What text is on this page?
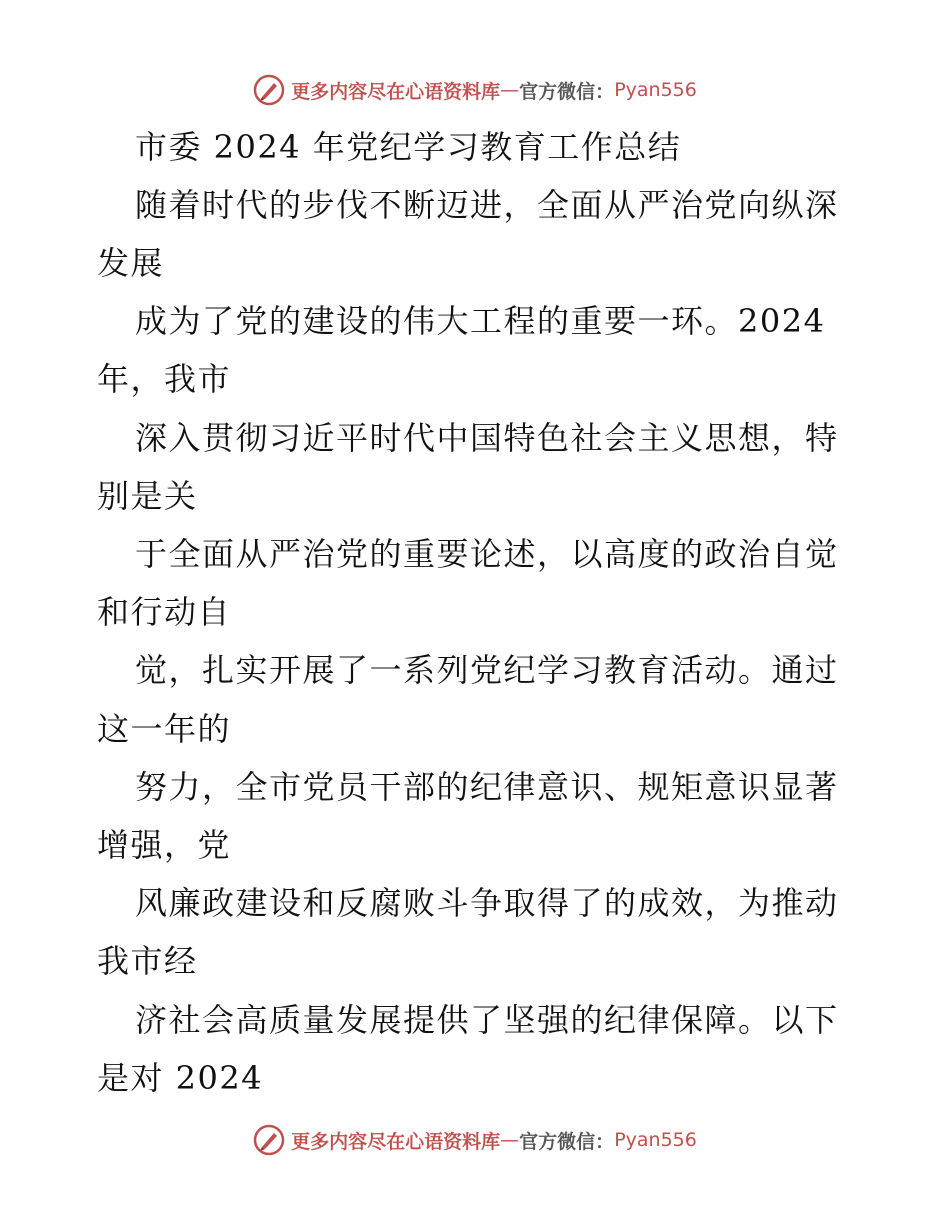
更多内容尽在心语资料库 — 官方微信： Pyan556
市委 2024 年党纪学习教育工作总结
随着时代的步伐不断迈进，全面从严治党向纵深
发展
成为了党的建设的伟大工程的重要一环。2024
年，我市
深入贯彻习近平时代中国特色社会主义思想，特
别是关
于全面从严治党的重要论述，以高度的政治自觉
和行动自
觉，扎实开展了一系列党纪学习教育活动。通过
这一年的
努力，全市党员干部的纪律意识、规矩意识显著
增强，党
风廉政建设和反腐败斗争取得了的成效，为推动
我市经
济社会高质量发展提供了坚强的纪律保障。以下
是对 2024
更多内容尽在心语资料库 — 官方微信： Pyan556
